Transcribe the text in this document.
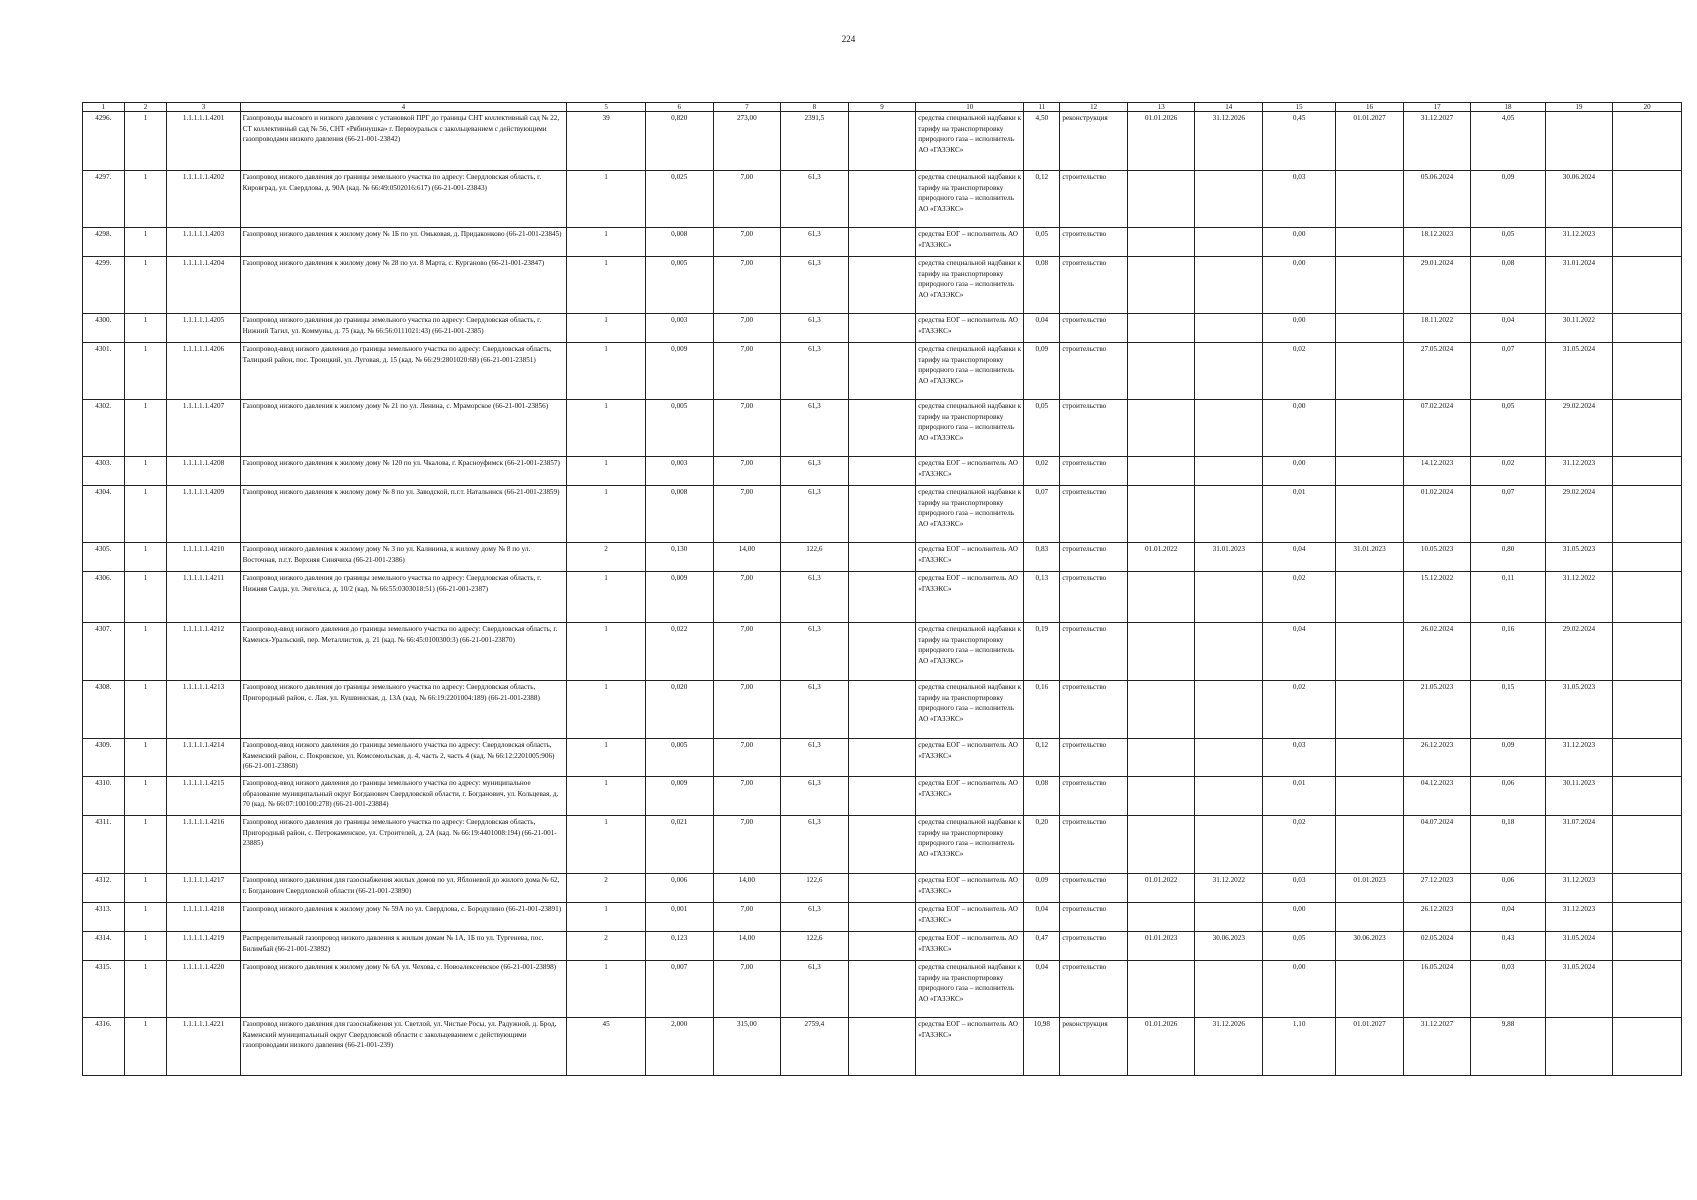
224
1	2	3	4	5	6	7	8	9	10	11	12	13	14	15	16	17	18	19	20
4296.	1	1.1.1.1.1.4201	Газопроводы высокого и низкого давления с установкой ПРГ до границы СНТ коллективный сад № 22, СТ коллективный сад № 56, СНТ «Рябинушка» г. Первоуральск с закольцеванием с действующими газопроводами низкого давления (66-21-001-23842)	39	0,820	273,00	2391,5		средства специальной надбавки к тарифу на транспортировку природного газа – исполнитель АО «ГАЗЭКС»	4,50	реконструкция	01.01.2026	31.12.2026	0,45	01.01.2027	31.12.2027	4,05		
4297.	1	1.1.1.1.1.4202	Газопровод низкого давления до границы земельного участка по адресу: Свердловская область, г. Кировград, ул. Свердлова, д. 90А (кад. № 66:49:0502016:617) (66-21-001-23843)	1	0,025	7,00	61,3		средства специальной надбавки к тарифу на транспортировку природного газа – исполнитель АО «ГАЗЭКС»	0,12	строительство			0,03		05.06.2024	0,09	30.06.2024	
4298.	1	1.1.1.1.1.4203	Газопровод низкого давления к жилому дому № 1Б по ул. Омьковая, д. Придаконково (66-21-001-23845)	1	0,008	7,00	61,3		средства ЕОГ – исполнитель АО «ГАЗЭКС»	0,05	строительство			0,00		18.12.2023	0,05	31.12.2023	
4299.	1	1.1.1.1.1.4204	Газопровод низкого давления к жилому дому № 28 по ул. 8 Марта, с. Курганово (66-21-001-23847)	1	0,005	7,00	61,3		средства специальной надбавки к тарифу на транспортировку природного газа – исполнитель АО «ГАЗЭКС»	0,08	строительство			0,00		29.01.2024	0,08	31.01.2024	
4300.	1	1.1.1.1.1.4205	Газопровод низкого давления до границы земельного участка по адресу: Свердловская область, г. Нижний Тагил, ул. Коммуны, д. 75 (кад. № 66:56:0111021:43) (66-21-001-2385)	1	0,003	7,00	61,3		средства ЕОГ – исполнитель АО «ГАЗЭКС»	0,04	строительство			0,00		18.11.2022	0,04	30.11.2022	
4301.	1	1.1.1.1.1.4206	Газопровод-ввод низкого давления до границы земельного участка по адресу: Свердловская область, Талицкий район, пос. Троицкий, ул. Луговая, д. 15 (кад. № 66:29:2801020:68) (66-21-001-23851)	1	0,009	7,00	61,3		средства специальной надбавки к тарифу на транспортировку природного газа – исполнитель АО «ГАЗЭКС»	0,09	строительство			0,02		27.05.2024	0,07	31.05.2024	
4302.	1	1.1.1.1.1.4207	Газопровод низкого давления к жилому дому № 21 по ул. Ленина, с. Мраморское (66-21-001-23856)	1	0,005	7,00	61,3		средства специальной надбавки к тарифу на транспортировку природного газа – исполнитель АО «ГАЗЭКС»	0,05	строительство			0,00		07.02.2024	0,05	29.02.2024	
4303.	1	1.1.1.1.1.4208	Газопровод низкого давления к жилому дому № 120 по ул. Чкалова, г. Красноуфимск (66-21-001-23857)	1	0,003	7,00	61,3		средства ЕОГ – исполнитель АО «ГАЗЭКС»	0,02	строительство			0,00		14.12.2023	0,02	31.12.2023	
4304.	1	1.1.1.1.1.4209	Газопровод низкого давления к жилому дому № 8 по ул. Заводской, п.г.т. Натальинск (66-21-001-23859)	1	0,008	7,00	61,3		средства специальной надбавки к тарифу на транспортировку природного газа – исполнитель АО «ГАЗЭКС»	0,07	строительство			0,01		01.02.2024	0,07	29.02.2024	
4305.	1	1.1.1.1.1.4210	Газопровод низкого давления к жилому дому № 3 по ул. Калинина, к жилому дому № 8 по ул. Восточная, п.г.т. Верхняя Синячиха (66-21-001-2386)	2	0,130	14,00	122,6		средства ЕОГ – исполнитель АО «ГАЗЭКС»	0,83	строительство	01.01.2022	31.01.2023	0,04	31.01.2023	10.05.2023	0,80	31.05.2023	
4306.	1	1.1.1.1.1.4211	Газопровод низкого давления до границы земельного участка по адресу: Свердловская область, г. Нижняя Салда, ул. Энгельса, д. 10/2 (кад. № 66:55:0303018:51) (66-21-001-2387)	1	0,009	7,00	61,3		средства ЕОГ – исполнитель АО «ГАЗЭКС»	0,13	строительство			0,02		15.12.2022	0,11	31.12.2022	
4307.	1	1.1.1.1.1.4212	Газопровод-ввод низкого давления до границы земельного участка по адресу: Свердловская область, г. Каменск-Уральский, пер. Металлистов, д. 21 (кад. № 66:45:0100300:3) (66-21-001-23870)	1	0,022	7,00	61,3		средства специальной надбавки к тарифу на транспортировку природного газа – исполнитель АО «ГАЗЭКС»	0,19	строительство			0,04		26.02.2024	0,16	29.02.2024	
4308.	1	1.1.1.1.1.4213	Газопровод низкого давления до границы земельного участка по адресу: Свердловская область, Пригородный район, с. Лая, ул. Кушвинская, д. 13А (кад. № 66:19:2201004:189) (66-21-001-2388)	1	0,020	7,00	61,3		средства специальной надбавки к тарифу на транспортировку природного газа – исполнитель АО «ГАЗЭКС»	0,16	строительство			0,02		21.05.2023	0,15	31.05.2023	
4309.	1	1.1.1.1.1.4214	Газопровод-ввод низкого давления до границы земельного участка по адресу: Свердловская область, Каменский район, с. Покровское, ул. Комсомольская, д. 4, часть 2, часть 4 (кад. № 66:12:2201005:906) (66-21-001-23860)	1	0,005	7,00	61,3		средства ЕОГ – исполнитель АО «ГАЗЭКС»	0,12	строительство			0,03		26.12.2023	0,09	31.12.2023	
4310.	1	1.1.1.1.1.4215	Газопровод-ввод низкого давления до границы земельного участка по адресу: муниципальное образование муниципальный округ Богданович Свердловской области, г. Богданович, ул. Кольцевая, д. 70 (кад. № 66:07:100100:278) (66-21-001-23884)	1	0,009	7,00	61,3		средства ЕОГ – исполнитель АО «ГАЗЭКС»	0,08	строительство			0,01		04.12.2023	0,06	30.11.2023	
4311.	1	1.1.1.1.1.4216	Газопровод низкого давления до границы земельного участка по адресу: Свердловская область, Пригородный район, с. Петрокаменское, ул. Строителей, д. 2А (кад. № 66:19:4401008:194) (66-21-001-23885)	1	0,021	7,00	61,3		средства специальной надбавки к тарифу на транспортировку природного газа – исполнитель АО «ГАЗЭКС»	0,20	строительство			0,02		04.07.2024	0,18	31.07.2024	
4312.	1	1.1.1.1.1.4217	Газопровод низкого давления для газоснабжения жилых домов по ул. Яблоневой до жилого дома № 62, г. Богданович Свердловской области (66-21-001-23890)	2	0,006	14,00	122,6		средства ЕОГ – исполнитель АО «ГАЗЭКС»	0,09	строительство	01.01.2022	31.12.2022	0,03	01.01.2023	27.12.2023	0,06	31.12.2023	
4313.	1	1.1.1.1.1.4218	Газопровод низкого давления к жилому дому № 59А по ул. Свердлова, с. Бородулино (66-21-001-23891)	1	0,001	7,00	61,3		средства ЕОГ – исполнитель АО «ГАЗЭКС»	0,04	строительство			0,00		26.12.2023	0,04	31.12.2023	
4314.	1	1.1.1.1.1.4219	Распределительный газопровод низкого давления к жилым домам № 1А, 1Б по ул. Тургенева, пос. Билимбай (66-21-001-23892)	2	0,123	14,00	122,6		средства ЕОГ – исполнитель АО «ГАЗЭКС»	0,47	строительство	01.01.2023	30.06.2023	0,05	30.06.2023	02.05.2024	0,43	31.05.2024	
4315.	1	1.1.1.1.1.4220	Газопровод низкого давления к жилому дому № 6А ул. Чехова, с. Новоалексеевское (66-21-001-23898)	1	0,007	7,00	61,3		средства специальной надбавки к тарифу на транспортировку природного газа – исполнитель АО «ГАЗЭКС»	0,04	строительство			0,00		16.05.2024	0,03	31.05.2024	
4316.	1	1.1.1.1.1.4221	Газопровод низкого давления для газоснабжения ул. Светлой, ул. Чистые Росы, ул. Радужной, д. Брод, Каменский муниципальный округ Свердловской области с закольцеванием с действующими газопроводами низкого давления (66-21-001-239)	45	2,000	315,00	2759,4		средства ЕОГ – исполнитель АО «ГАЗЭКС»	10,98	реконструкция	01.01.2026	31.12.2026	1,10	01.01.2027	31.12.2027	9,88		
